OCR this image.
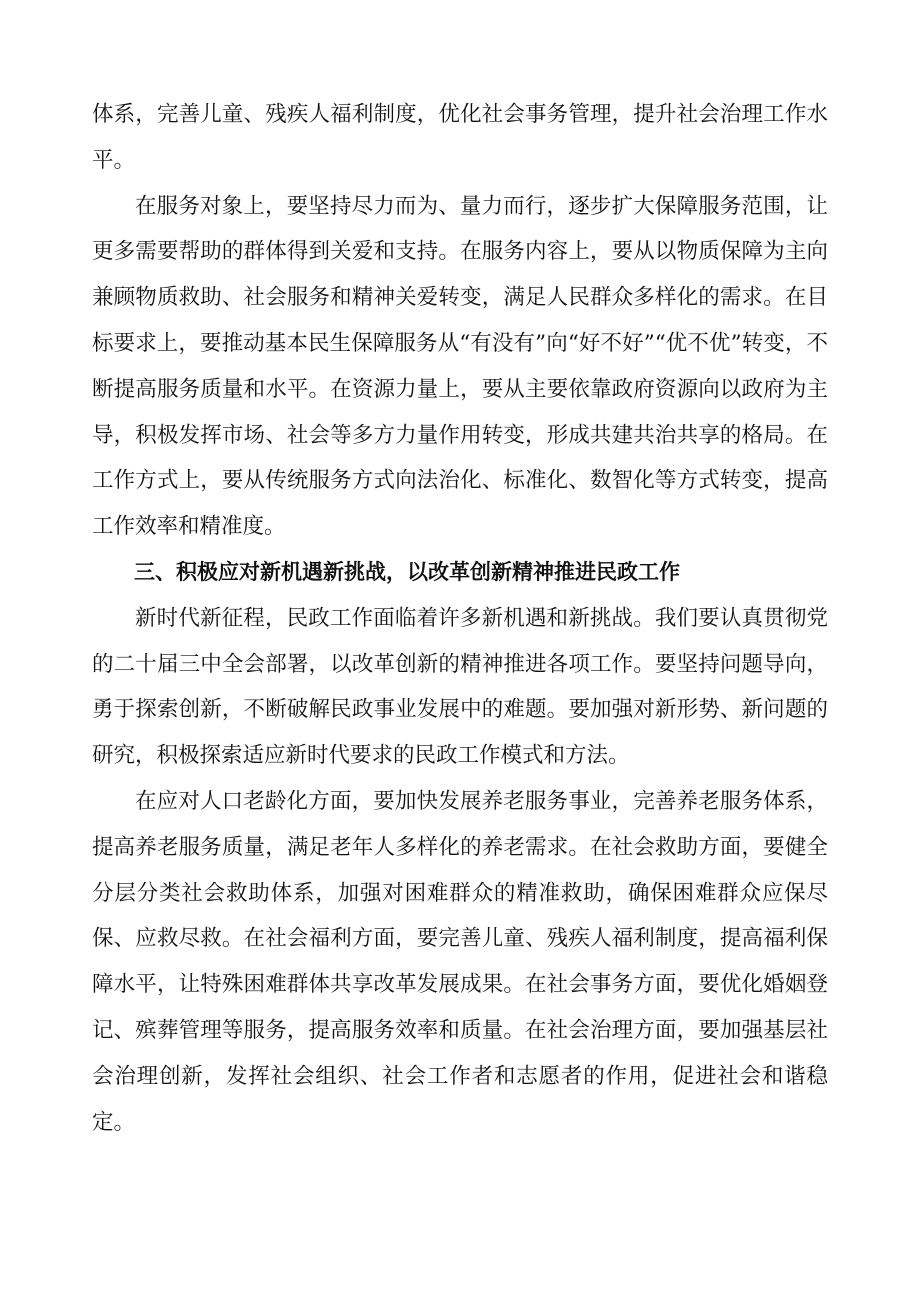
体系，完善儿童、残疾人福利制度，优化社会事务管理，提升社会治理工作水平。

在服务对象上，要坚持尽力而为、量力而行，逐步扩大保障服务范围，让更多需要帮助的群体得到关爱和支持。在服务内容上，要从以物质保障为主向兼顾物质救助、社会服务和精神关爱转变，满足人民群众多样化的需求。在目标要求上，要推动基本民生保障服务从“有没有”向“好不好”“优不优”转变，不断提高服务质量和水平。在资源力量上，要从主要依靠政府资源向以政府为主导，积极发挥市场、社会等多方力量作用转变，形成共建共治共享的格局。在工作方式上，要从传统服务方式向法治化、标准化、数智化等方式转变，提高工作效率和精准度。

三、积极应对新机遇新挑战，以改革创新精神推进民政工作

新时代新征程，民政工作面临着许多新机遇和新挑战。我们要认真贯彻党的二十届三中全会部署，以改革创新的精神推进各项工作。要坚持问题导向，勇于探索创新，不断破解民政事业发展中的难题。要加强对新形势、新问题的研究，积极探索适应新时代要求的民政工作模式和方法。

在应对人口老龄化方面，要加快发展养老服务事业，完善养老服务体系，提高养老服务质量，满足老年人多样化的养老需求。在社会救助方面，要健全分层分类社会救助体系，加强对困难群众的精准救助，确保困难群众应保尽保、应救尽救。在社会福利方面，要完善儿童、残疾人福利制度，提高福利保障水平，让特殊困难群体共享改革发展成果。在社会事务方面，要优化婚姻登记、殡葬管理等服务，提高服务效率和质量。在社会治理方面，要加强基层社会治理创新，发挥社会组织、社会工作者和志愿者的作用，促进社会和谐稳定。
